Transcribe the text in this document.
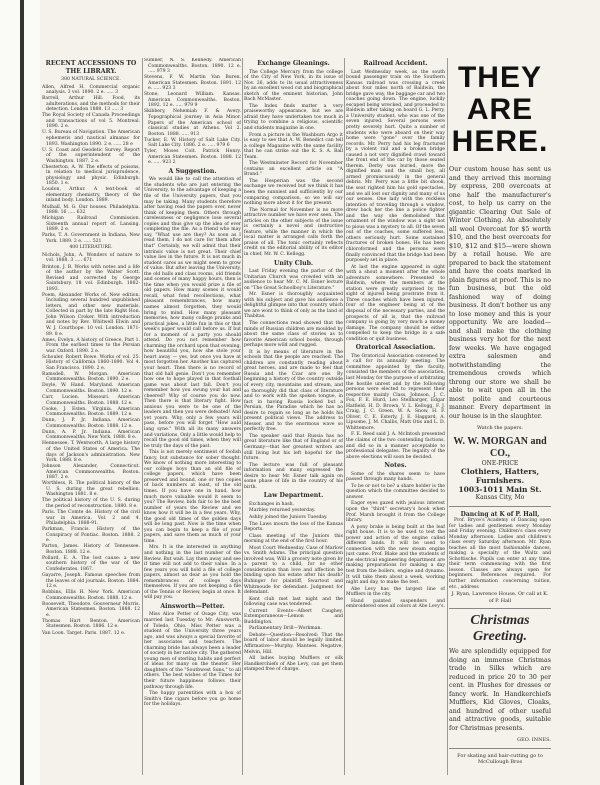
RECENT ACCESSIONS TO THE LIBRARY.
300 NATURAL SCIENCE.
Allen, Alfred H. Commercial organic analysis. 3 vol. 1890. 2 e. ..... 3
Barrell, Arthur Hill. Food, its adulterations, and the methods for their detection. London 1888. 13 ..... 3
The Royal Society of Canada Proceedings and transactions of vol 5. Montreal. 1890. 2 e.
U. S. Bureau of Navigation. The American ephemeris and nautical almanac for 1893. Washington 1890. 2 e. ..... 28 e
U. S. Coast and Geodetic Survey. Report of the superintendent of the Washington. 1887. 2 e.
Chesterton, A. W. The effects of poisons, in relation to medical jurisprudence, physiology and physic. Edinburgh. 1850. 1 e.
Loudon, Arthur. A text-book of elementary chemistry, theory of the inland body. London. 1889.
Mulhall, M. G. Our houses. Philadelphia. 1888. 16 ..... 632
Michigan Railroad Commission. Sixteenth annual report of. Lansing. 1889. 2 e.
Parks, T. A. Government in Indiana, New York. 1889. 2 e. ..... 521
400 LITERATURE.
Nichols, John, A. Wonders of nature to vol. 1888. 3 ..... 671
Brinton, J. B. Works with notes and a life of the author by the Walter Scott. Revised and corrected by George Saintsbury. 18 vol. Edinburgh. 1882-1893.
Poem, Alexander Works of. New edition. Including several hundred unpublished letters, and other new materials. Collected in part by the late Right Hon. John Wilson Croker. With introduction and notes by Rev. Whitwell Elwin and W. J. Courthope. 10 vol. London. 1871-89. 8 e.
Ames, Evelyn. A history of Greece, Part 1. From the earliest times to the Persian war. Oxford. 1890. 2 e.
Schouler, Robert Bowe. Works of vol. 25. History of California 1860-1890. Vol 4. San Francisco. 1890. 2 e.
Ramsdell, W. Morgan. American Commonwealths. Boston. 1890. 2 e.
Doyle, W. Hand. Maryland. American Commonwealths. Boston. 1890. 12 e.
Carr, Lucien. Missouri. American Commonwealths. Boston. 1888. 12 e.
Cooke, J. Esten. Virginia. American Commonwealths. Boston. 1889. 12 e.
Dunn, J. P. Jr. Indiana. American Commonwealths. Boston. 1888. 12 e.
Dunn, A. P. Jr. Indiana. American Commonwealths. New York. 1888. 8 e.
Hennessee, T. Wentworth. A large history of the United States of America. The days of Jackson's administration. New York. 1888. 8 e.
Johnson Alexander, Connecticut. American Commonwealths. Boston. 1887. 2 e.
Worthless, R. The political history of the U. S. during the great rebellion. Washington 1881. 8 e.
The political history of the U. S. during the period of reconstruction. 1880. 8 e.
Paris. The Comte de. History of the civil war in America. Vol. 2 and 4. Philadelphia. 1888-91.
Parkman, Francis. History of the Conspiracy of Pontiac. Boston. 1888. 2 e.
Parton, James. History of Tennessee. Boston. 1888. 12 e.
Pollard, E. A. The lost cause: a new southern history of the war of the Confederates. 1867.
Gayarre, Joseph. Famous speeches from the leaves of old journals. Boston. 1884. 12 e.
Robbins, Ellis H. New York. American Commonwealths. Boston. 1888. 12 e.
Roosevelt, Theodore. Gouverneur Morris. American Statesmen. Boston. 1888. 12 e.
Thomas Hart Benton. American Statesmen. Boston. 1886. 12 e.
Van Loon. Target. Paris. 1887. 12 e.
Sumner, N. S. Kennedy. American Commonwealths. Boston. 1890. 12 e. ..... 979 3
Stevens, F. W. Martin Van Buren. American Statesmen. Boston. 1891. 12 e. ..... 923 3
Stone, Leonard William. Kansas. American Commonwealths. Boston. 1892. 12 e. ..... 979 9
Skibbery, Nehemiah F. & Avery. Topographical journey in Asia Minor. Papers of the American school of classical studies at Athens. Vol 2. Boston. 1888. ..... 913
Tucker, E. W. History of Salt Lake City. Salt Lake City. 1886. 2 e. ..... 979 6
Tyler, Moses Coit. Patrick Henry. American Statesmen. Boston. 1888. 12 e. ..... 923 2
A Suggestion.

We would like to call the attention of the students who are just entering the University, to the advantage of keeping a file of the University papers, that you may be taking. Many students therefore after having read the papers over, never think of keeping them. Others through carelessness or negligence lose several copies and thus give up the idea of ever completing the file. As a friend who may say, "What use are they? As soon as I read them, I do not care for them after that" Certainly, we will admit that their intrinsic value is not great. Their chief value lies in the future. It is not much in student cares as we might seem to grow of value. But after leaving the University, the old halls and class rooms, old friends and scenes of many happy hours, then is the time when you would prize a file of old papers. How many scenes it would recall, what fond recollections, what pleasant remembrances, how many names almost forgotten, they would bring to mind. How many pleasant memories, how many college pranks and practical jokes, a little fun in this or that week's paper would call before us. If but for a moment of a party you should attend. Do you not remember how charming the orchard upon that evening, how beautiful you, how she stole your heart away — yes, but once you have at most forgotten her. Another has captured your heart. Then there is no record of that old hall genie. Don't you remember how one to hope played in that football game was about last fall. Don't you remember how you swung your hat and cheered? Why of course you do now. Then there is that literary fight. How anxious you were to be one of the leaders and then you were defeated! And yet yours. Why, only a few years will pass, before you will forget "How auld lang syne." With all its many answers and variations. Only a little would help to recall the good old times, when they will be truly the days of the past.

This is not merely sentiment of foolish fancy, but substance for sober thought. We know of nothing more interesting to our college boys than an old file of college papers, which have been preserved and bound, one or two copies of back numbers at least, of the old times. If you have one in hand, how much more valuable would it seem to you? The Review, bids fair to be the best number of years the Review and we know how it will be in a few years. Why, the good old times of the golden days will be long past. Now is the time when you can begin to keep a file of your papers, and save them as much of your time.

Mrs. It is the interested in anything and nothing in the last number of the Review. But wait. Lay them away and see if time will not add to their value. In a few years you will hold a file of college papers, almost as dear as you hold the remembrances of college days themselves. If you are not keeping a file of the Tennis or Review, begin at once. It will pay you.

Ainsworth—Petter.

Miss Alice Petter of Osage City, was married last Tuesday to Mr. Ainsworth, of Toledo, Ohio. Miss Petter was a student of the University three years ago, and was always a special favorite of her associates and teachers. The charming bride has always been a leader of society in her native city. The gathered young men of sterling habits and perfect of ideas for many on the theater. Her daughters of the "Southwest Suns," to all others. The best wishes of the Times for their future happiness follows their pathway through life.

The happy parentities with a box of Smith's fine cigars before you go home for the holidays.

Exchange Gleanings.

The College Mercury from the college of the City of New York, in its issue of Nov. 26, adds to its usual attractiveness by an excellent wood cut and biographical sketch of the eminent historian, John Bach McMaster.

The Index finds matter a very praiseworthy appearance, but we are afraid they have undertaken too much in trying to combine a religious, scientific and students magazine in one.

From a picture in the Washburn Argo it is easy to see that A. W. Benedict can tell a college Magazine with the same facility that he can strike out the K. S. A. Ball Team.

The Westminster Record for November contains an excellent article on "A Brand."

The Hesperian was the second exchange we received but we think it has been the sunniest and sufficiently by our comparing comparison, so we will say nothing more about it for the present.

The Normal for November is no more attractive number we have ever seen. The articles on the other subjects of the issue is certainly a novel and instructive feature, while the manner in which the local matter is arranged calls forth the praise of all. The tonic certainly reflects credit on the editorial ability of its editor in chief, Mr. W. C. Kellogg.

Unity Club.

Last Friday evening the parlor of the Unitarian Church was crowded with an audience to hear Mr. C. M. Esner lecture on "The Great Schoolboy's Literature."

Mr. Esner is thoroughly acquainted with his subject and gave his audience a delightful glimpse into that country which we are wont to think of only as the land of Thabitas.

The connections read showed that the minds of Russian children are moulded by about the same class of stories as to favorite American school books, through perhaps more wild and rugged.

It is by means of literature in the schools that the people are reached. The children are constantly reading about great heroes, and are made to feel that Russia and the Czar are one. By beginning a history of the country outside of every city, mountains and stream, and so thoroughly did that class of literature and to work with the spoken tongue, in fact in having Russia locked but a Persian, the Paradise which he has no desire to regain so long as he holds his present political views. The address to Messer, and to the enormous wave so perfectly free.

The speaker said that Russia has no great literature like that of England or of Germany—that her greatest writers are still living but his left hopeful for the future.

The lecture was full of pleasant information and many expressed the desire to hear Mr. Esner talk again on some phase of life in the country of his birth.

Law Department.

Exchanges in hash.

Marbley returned yesterday.

Ashby joined the Juniors Tuesday.

The Laws mourn the loss of the Kansas Reports.

Class meeting of the Juniors this morning at the end of the first hour.

Moot Court Wednesday. Case of Marlow vs. Smith Adams. The principal question involved was, Will a grocery note given by a parent to a child, for no other consideration than love and affection be binding upon his estate after his death? Buhinger for plaintiff, Swartout and Whitmoude for defendant. Judgment for defendant.

Kent club met last night and the following case was tendered:

Current Events—Albert Caughey. Extemporaneous—Lemon and Buddington.

Parliamentary Drill—Workman.

Debate—Question—Resolved: That the board of labor should be legally limited. Affirmative—Murphy. Mantees. Negative, Melvin, Hill.

All ladies buying Mufflers or silk Handkerchiefs of Abe Levy, can get them stamped free of charge.

Railroad Accident.

Last Wednesday week, as the south bound passenger train on the Southern Kansas railroad was crossing a creek about four miles north of Baldwin, the bridge gave way, the baggage car and two coaches going down. The engine, luckily escaped being wrecked, and proceeded to Baldwin after taking on board G. L. Perry, a University student, who was one of the seven injured. Several persons were pretty severely hurt. Quite a number of students who were aboard on their way home were "gone" over the family records. Mr. Perry had his leg fractured by a violent rail and a broken bridge caused a not very dignified crawl toward the front end of the car by those seated therein. Derby was buried, more the dignified man and the small boy, all armed promiscuously in the general debris. Mr. Perry was a little bit shook, the seat righted him his gold spectacles, and we all lost our dignity and many of us our senses. One lady with the reckless intention of traveling through a window, drew back her the line a police fighter and the way she demolished that ornament of the window was a sight not to pious was a mystery to all. Of the seven out of the coaches, some suffered less, others seriously hurt. Some sustained fractures of broken bones. He has been chloroformed and the persons were finally convinced that the bridge had been purposely set in place.

At last the engine appeared in sight with a shout a moment after the whole adventure somewhere. Presented to Baldwin, where the members at the station were greatly surprised by the sight of injured being prostrate from it. Three coaches which have been injured, four of the engineer being at of the disposal of the necessary parties, and the prospects of all is, that the railroad company is going by very much a money damage. The company should be either compelled to keep the bridge in a safe condition or quit business.

Oratorical Association.

The Oratorical Association convened by a call for its annually meeting. The committee appointed by the faculty, consisted the members of the association, last Monday for the purpose of arbitrating the hostile unrest and by the following persons were elected to represent their respective mainly Class, Johnson, J. C. Fox, F. E. Hurd, Leo Stellbarger, Edgar Hatfield. H. D. Brown, V. L. Kellogg, F. J. Craig, J. C. Green, W. A. Snow, H. F. Oliver, C. E. Esterly, J. E. Haggard, A. Lipsome, J. M. Challis, Matt Otis and L. D. Whittemore.

F. E. Reed said J. A. McIntosh presented the claims of the two contending factions, and did so in a manner acceptable to professional delegates. The legality of the above elections will soon be decided.

Notes.

Some of the shares seem to have passed through many hands.

To be or not to be? a share holder is the question which the committee decided to answer.

Eager eyes gazed with jealous interest upon the "third" secretary's book when Prof. Marsh brought it from the College library.

A pony brake is being built at the leaf right house. It is to be used to test the power and action of the engine called different lands. It will be used to connection with the new steam engine just came. Prof. Blake and the students of the electrical engineering department are making preparations for making a day test from the boilers, engine and dynamo. It will take them about a week, working night and day, to make the test.

Abe Levy has the largest line of Mufflers in the city.

Hand painted suspenders and embroidered ones all colors at Abe Levy's.

THEY ARE HERE.
Our custom house has sent us and they arrived this morning by express, 200 overcoats at one half the manufacturer's cost, to help us carry on the gigantic Clearing Out Sale of Winter Clothing. An absolutely all wool Overcoat for $5 worth $10, and the best overcoats for $10, $12 and $15—were shown by a retail house. We are prepared to back the statement and have the coats marked in plain figures at proof. This is no fun business, but the old fashioned way of doing business. It don't bother us any to lose money and this is your opportunity. We are loaded—and shall make the clothing business very hot for the next few weeks. We have engaged extra salesmen and notwithstanding the tremendous crowds which throng our store we shall be able to wait upon all in the most polite and courteous manner. Every department in our house is in the slaughter.
Watch the papers.
W. W. MORGAN and CO.,
ONE-PRICE
Clothiers, Hatters, Furnishers.
1003-1011 Main St.
Kansas City, Mo
Dancing at K of P. Hall,

Prof. Bryce's Academy of Dancing open for ladies and gentlemen every Monday and Friday evening. Children's class every Monday afternoon. Ladies and children's class every Saturday afternoon. Mr. Ryan teaches all the most fashionable dances, making a specialty of the Waltz and Schottische. Pupils can enter at any time, their term commencing with the first lesson. Classes are always open for beginners. References required. For further information concerning tuition, etc., address

J. Ryan, Lawrence House. Or call at K. of P. Hall
Christmas Greeting.
We are splendidly equipped for doing an immense Christmas trade in Silks which are reduced in price 20 to 30 per cent. in Plushes for dresses or fancy work. In Handkerchiefs Mufflers, Kid Gloves, Cloaks, and hundred of other useful and attractive goods, suitable for Christmas presents.
GEO. INNES.
For skating and hair-cutting go to McCullough Bros
